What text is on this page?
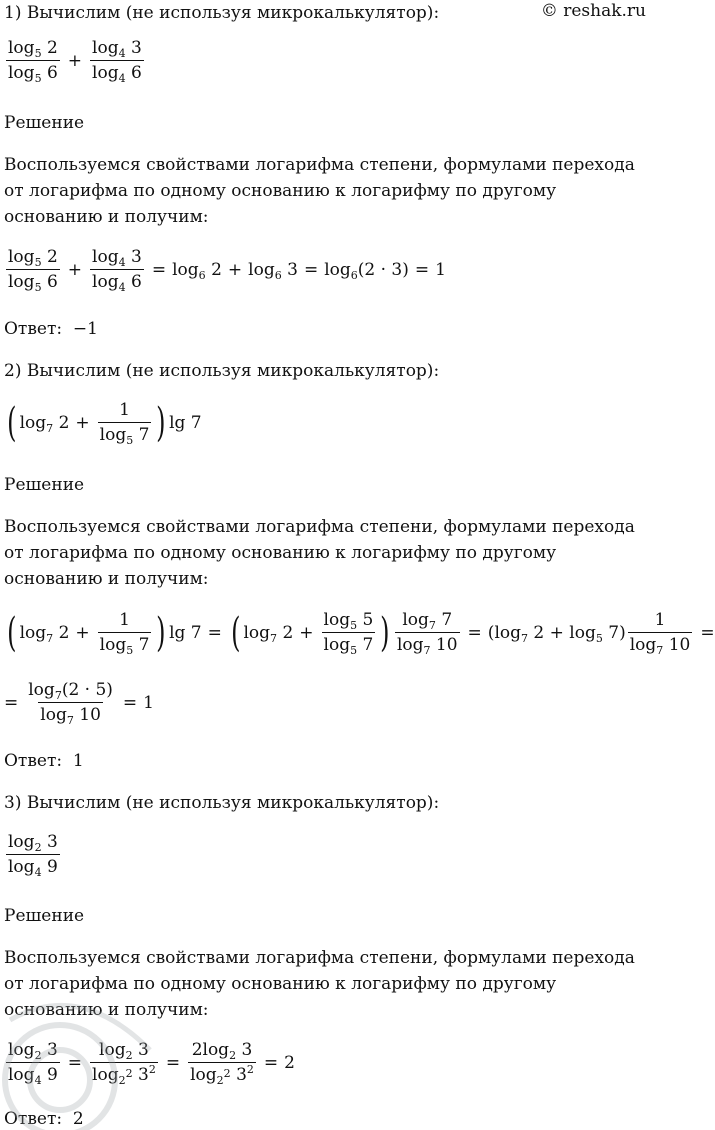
© reshak.ru
1) Вычислим (не используя микрокалькулятор):
$\frac{\log_5 2}{\log_5 6} + \frac{\log_4 3}{\log_4 6}$
Решение
Воспользуемся свойствами логарифма степени, формулами перехода от логарифма по одному основанию к логарифму по другому основанию и получим:
$\frac{\log_5 2}{\log_5 6} + \frac{\log_4 3}{\log_4 6} = \log_6 2 + \log_6 3 = \log_6(2 \cdot 3) = 1$
Ответ: −1
2) Вычислим (не используя микрокалькулятор):
( $\log_7 2 + \frac{1}{\log_5 7}$ ) lg 7
Решение
Воспользуемся свойствами логарифма степени, формулами перехода от логарифма по одному основанию к логарифму по другому основанию и получим:
( $\log_7 2 + \frac{1}{\log_5 7}$ ) lg 7 = ( $\log_7 2 + \frac{\log_5 5}{\log_5 7}$ ) $\frac{\log_7 7}{\log_7 10} = (\log_7$ $2 + \log_5 7) \frac{1}{\log_7 10}$ =
= $\frac{\log_7(2 \cdot 5)}{\log_7 10} = 1$
Ответ: 1
3) Вычислим (не используя микрокалькулятор):
$\frac{\log_2 3}{\log_4 9}$
Решение
Воспользуемся свойствами логарифма степени, формулами перехода от логарифма по одному основанию к логарифму по другому основанию и получим:
$\frac{\log_2 3}{\log_4 9} = \frac{\log_2 3}{\log_{2^2} 3^2} = \frac{2\log_2 3}{\log_{2^2} 3^2} = 2$
Ответ: 2
